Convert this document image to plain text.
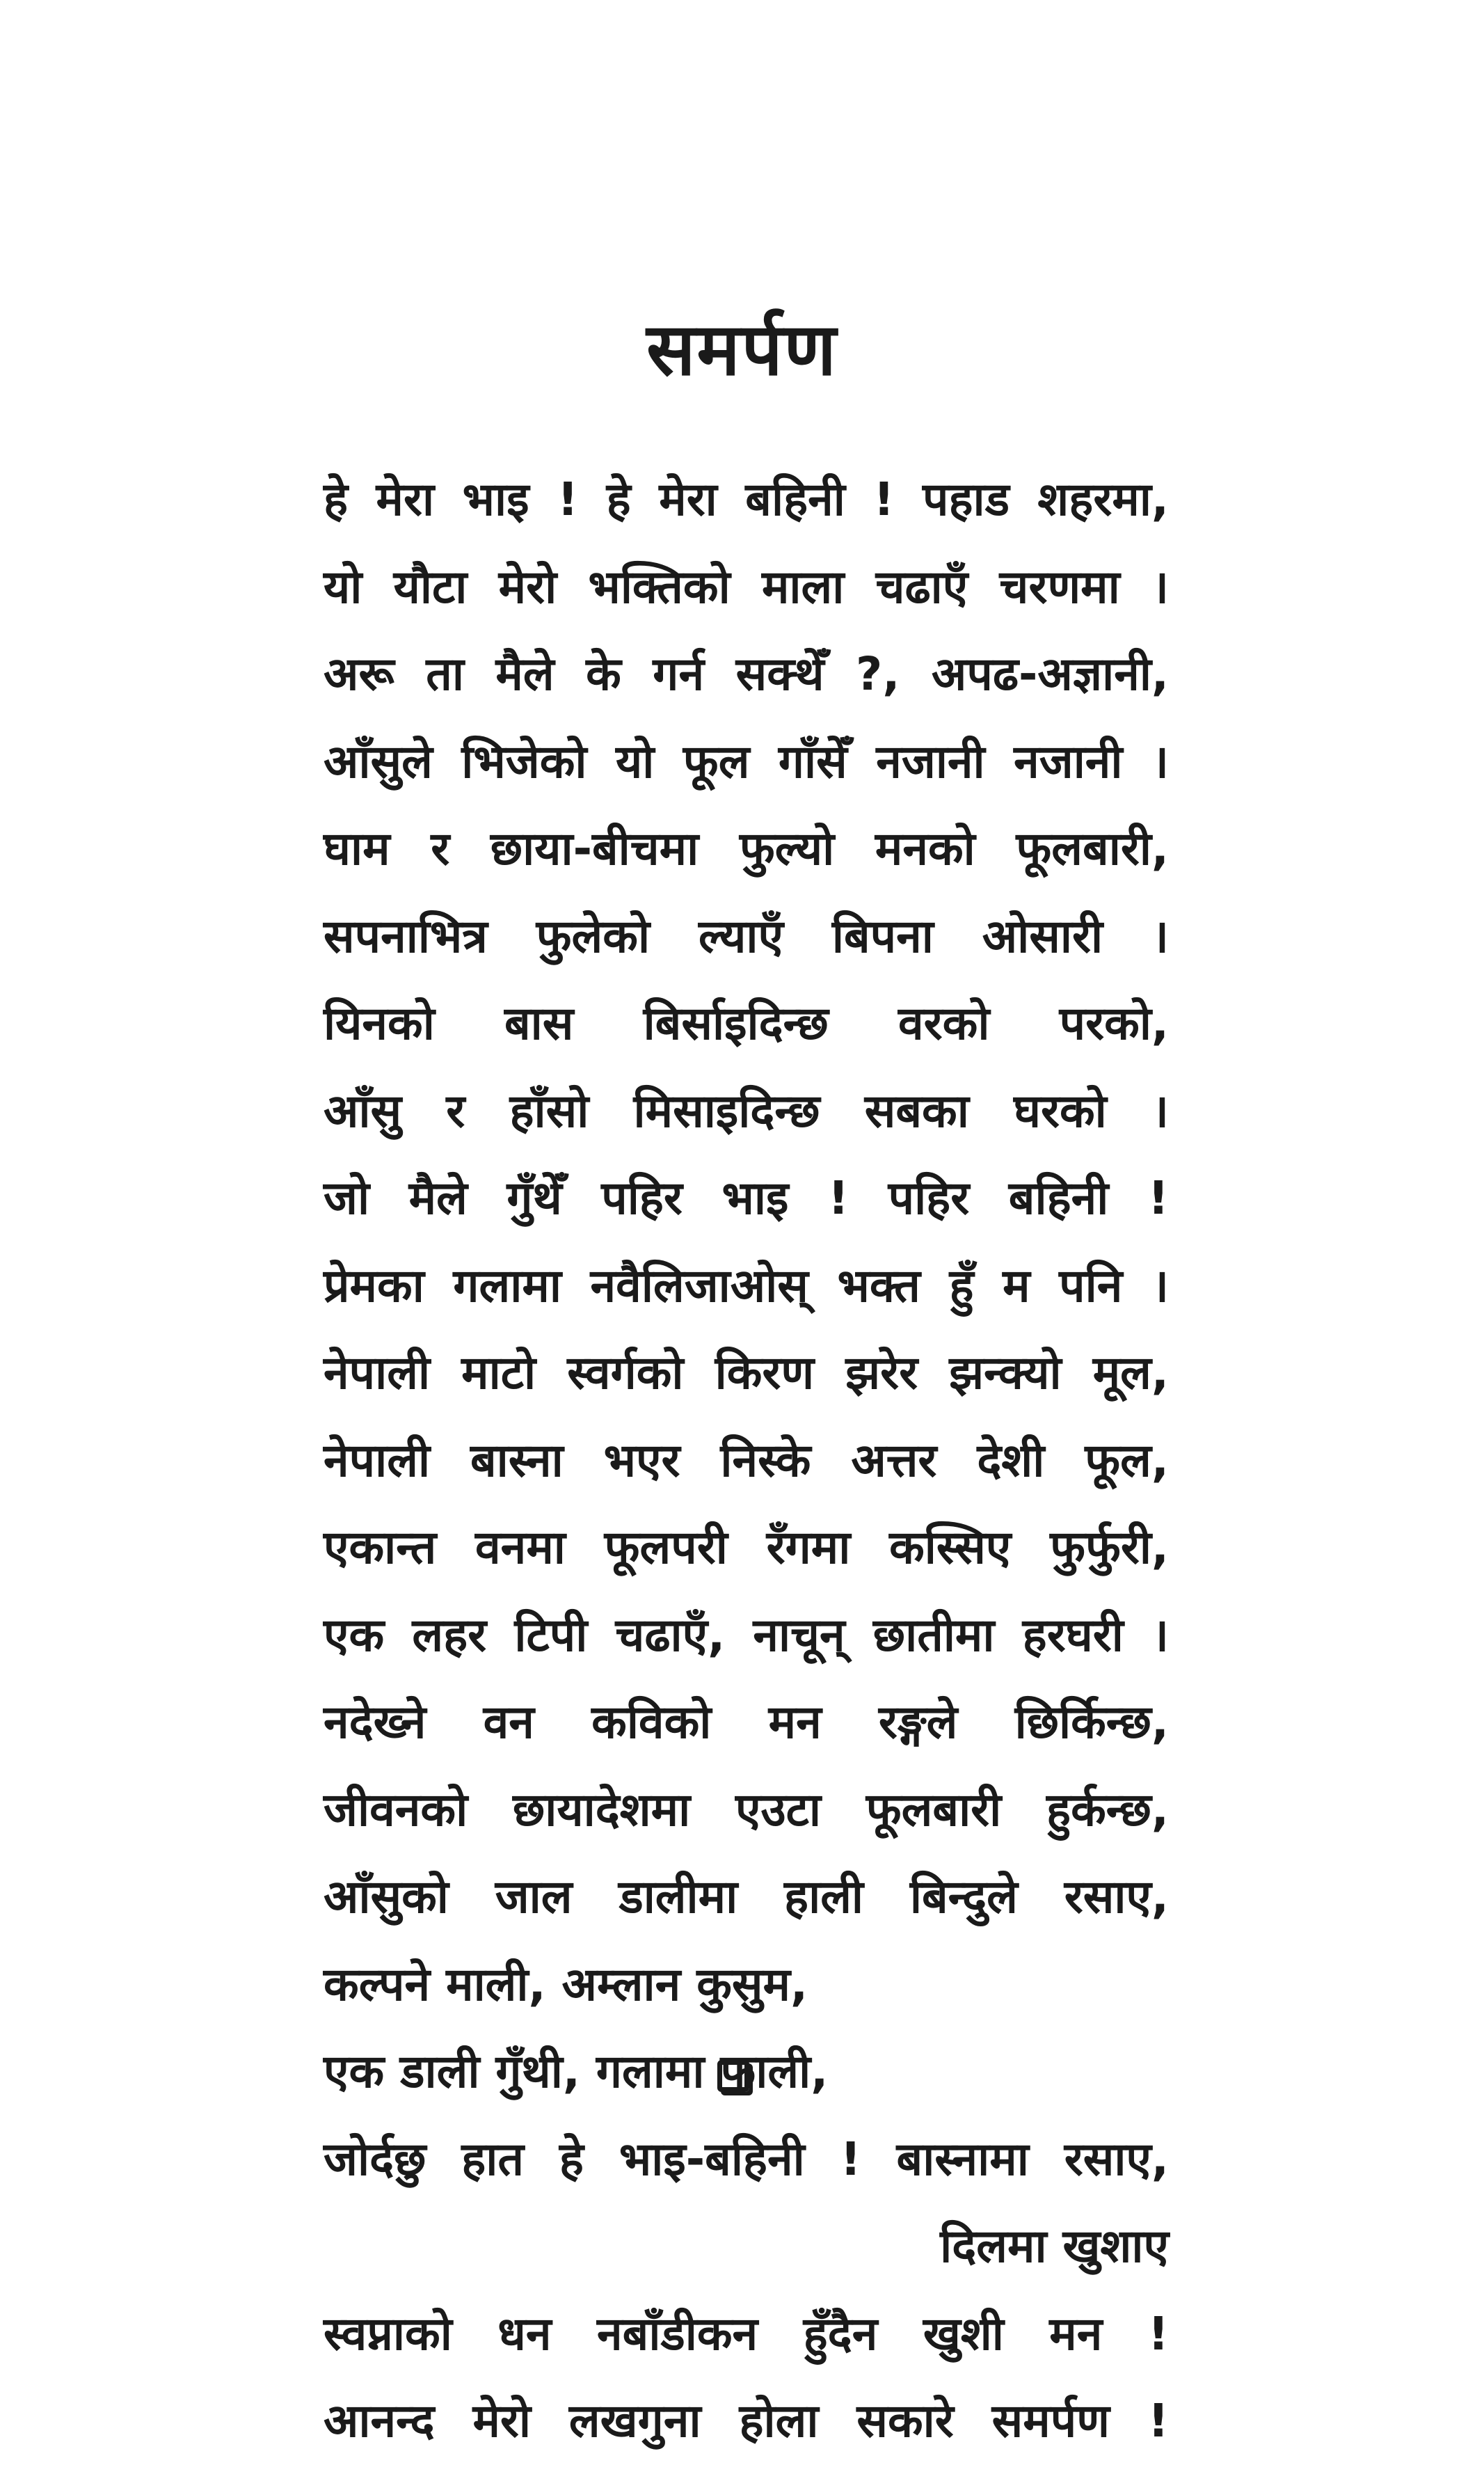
समर्पण
हे मेरा भाइ ! हे मेरा बहिनी ! पहाड शहरमा,
यो यौटा मेरो भक्तिको माला चढाएँ चरणमा ।
अरू ता मैले के गर्न सक्थेँ ?, अपढ-अज्ञानी,
आँसुले भिजेको यो फूल गाँसेँ नजानी नजानी ।
घाम र छाया-बीचमा फुल्यो मनको फूलबारी,
सपनाभित्र फुलेको ल्याएँ बिपना ओसारी ।
यिनको बास बिर्साइदिन्छ वरको परको,
आँसु र हाँसो मिसाइदिन्छ सबका घरको ।
जो मैले गुँथेँ पहिर भाइ ! पहिर बहिनी !
प्रेमका गलामा नवैलिजाओस् भक्त हुँ म पनि ।
नेपाली माटो स्वर्गको किरण झरेर झन्क्यो मूल,
नेपाली बास्ना भएर निस्के अत्तर देशी फूल,
एकान्त वनमा फूलपरी रँगमा कस्सिए फुर्फुरी,
एक लहर टिपी चढाएँ, नाचून् छातीमा हरघरी ।
नदेख्ने वन कविको मन रङ्गले छिर्किन्छ,
जीवनको छायादेशमा एउटा फूलबारी हुर्कन्छ,
आँसुको जाल डालीमा हाली बिन्दुले रसाए,
कल्पने माली, अम्लान कुसुम,
एक डाली गुँथी, गलामा फाली,
जोर्दछु हात हे भाइ-बहिनी ! बास्नामा रसाए,
दिलमा खुशाए
स्वप्नाको धन नबाँडीकन हुँदैन खुशी मन !
आनन्द मेरो लखगुना होला सकारे समर्पण !
